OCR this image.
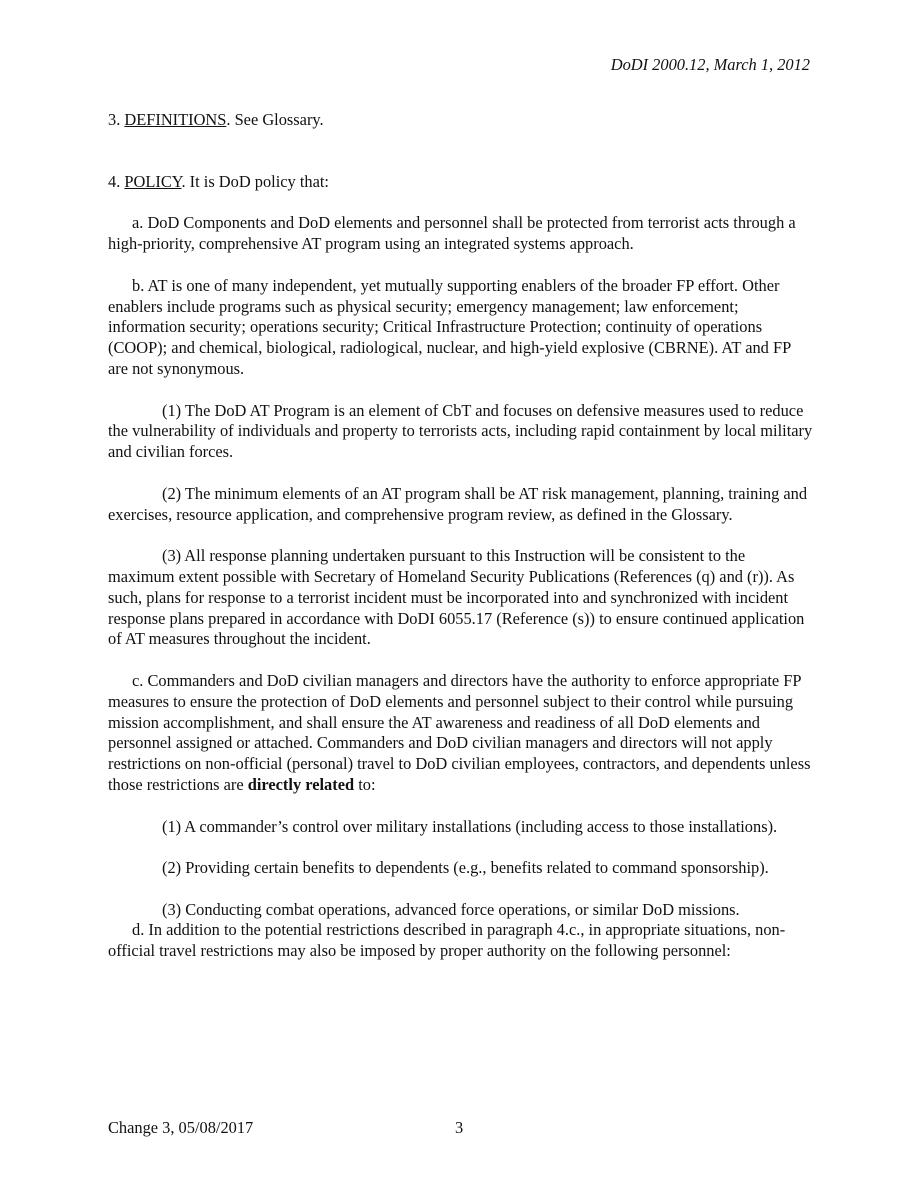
DoDI 2000.12, March 1, 2012

3. DEFINITIONS. See Glossary.

4. POLICY. It is DoD policy that:

a. DoD Components and DoD elements and personnel shall be protected from terrorist acts through a high-priority, comprehensive AT program using an integrated systems approach.

b. AT is one of many independent, yet mutually supporting enablers of the broader FP effort. Other enablers include programs such as physical security; emergency management; law enforcement; information security; operations security; Critical Infrastructure Protection; continuity of operations (COOP); and chemical, biological, radiological, nuclear, and high-yield explosive (CBRNE). AT and FP are not synonymous.

(1) The DoD AT Program is an element of CbT and focuses on defensive measures used to reduce the vulnerability of individuals and property to terrorists acts, including rapid containment by local military and civilian forces.

(2) The minimum elements of an AT program shall be AT risk management, planning, training and exercises, resource application, and comprehensive program review, as defined in the Glossary.

(3) All response planning undertaken pursuant to this Instruction will be consistent to the maximum extent possible with Secretary of Homeland Security Publications (References (q) and (r)). As such, plans for response to a terrorist incident must be incorporated into and synchronized with incident response plans prepared in accordance with DoDI 6055.17 (Reference (s)) to ensure continued application of AT measures throughout the incident.

c. Commanders and DoD civilian managers and directors have the authority to enforce appropriate FP measures to ensure the protection of DoD elements and personnel subject to their control while pursuing mission accomplishment, and shall ensure the AT awareness and readiness of all DoD elements and personnel assigned or attached. Commanders and DoD civilian managers and directors will not apply restrictions on non-official (personal) travel to DoD civilian employees, contractors, and dependents unless those restrictions are directly related to:

(1) A commander’s control over military installations (including access to those installations).

(2) Providing certain benefits to dependents (e.g., benefits related to command sponsorship).

(3) Conducting combat operations, advanced force operations, or similar DoD missions.

d. In addition to the potential restrictions described in paragraph 4.c., in appropriate situations, non-official travel restrictions may also be imposed by proper authority on the following personnel:

Change 3, 05/08/2017	3
